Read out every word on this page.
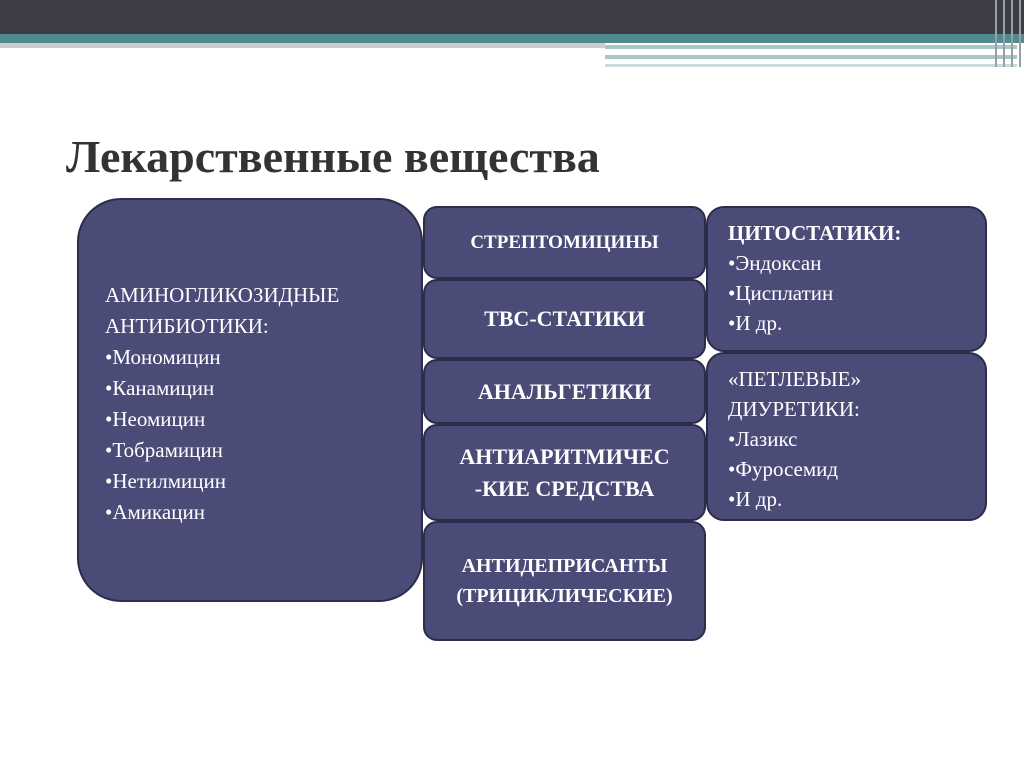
Лекарственные вещества
АМИНОГЛИКОЗИДНЫЕ
АНТИБИОТИКИ:
•Мономицин
•Канамицин
•Неомицин
•Тобрамицин
•Нетилмицин
•Амикацин
СТРЕПТОМИЦИНЫ
ТВС-СТАТИКИ
АНАЛЬГЕТИКИ
АНТИАРИТМИЧЕС
-КИЕ СРЕДСТВА
АНТИДЕПРИСАНТЫ
(ТРИЦИКЛИЧЕСКИЕ)
ЦИТОСТАТИКИ:
•Эндоксан
•Цисплатин
•И др.
«ПЕТЛЕВЫЕ»
ДИУРЕТИКИ:
•Лазикс
•Фуросемид
•И др.
